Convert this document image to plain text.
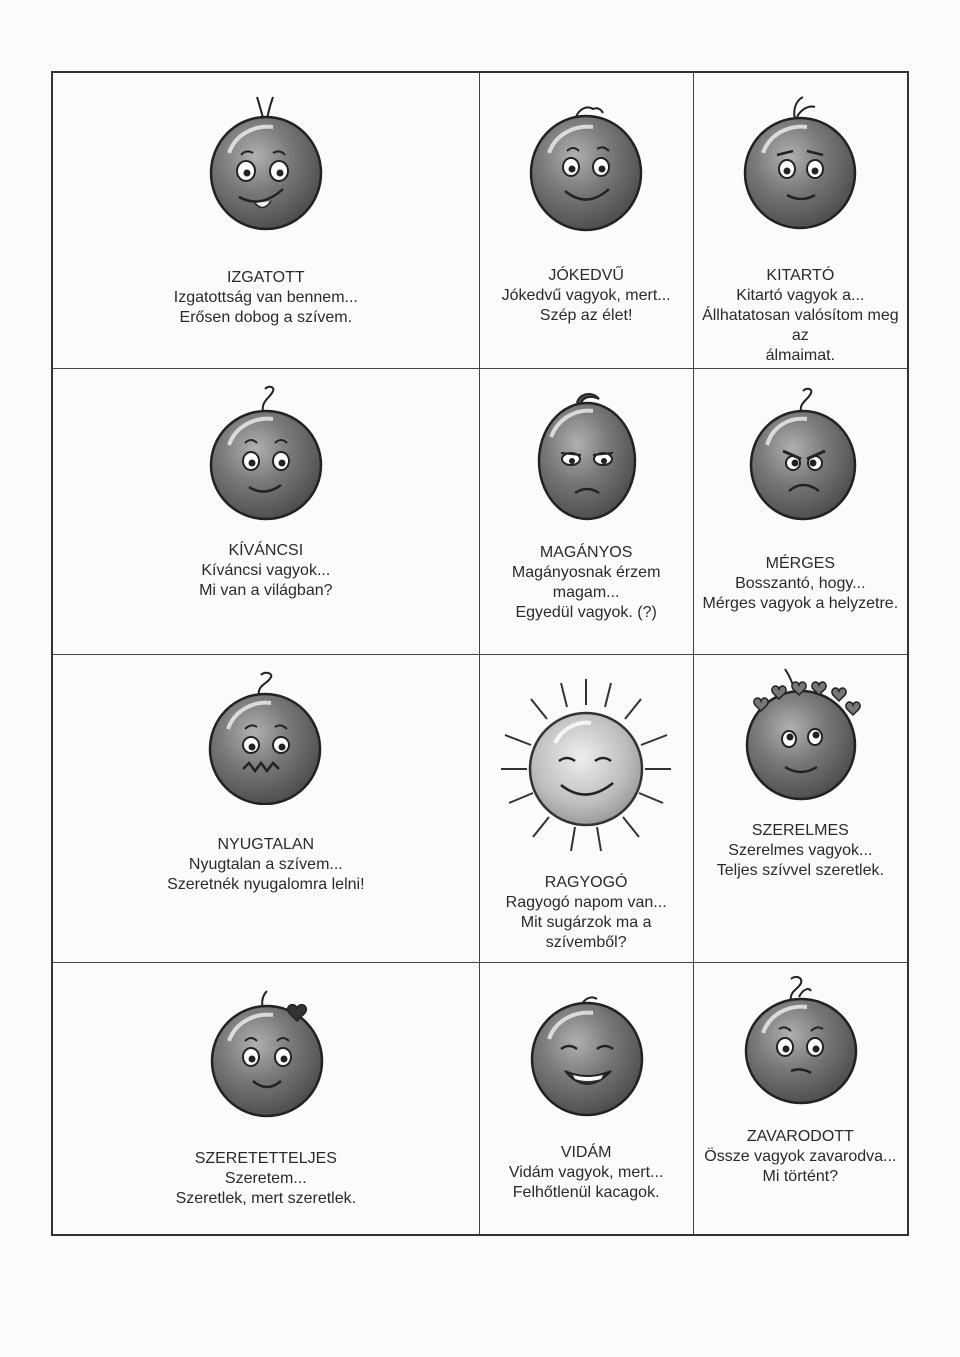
IZGATOTT
Izgatottság van bennem...
Erősen dobog a szívem.
JÓKEDVŰ
Jókedvű vagyok, mert...
Szép az élet!
KITARTÓ
Kitartó vagyok a...
Állhatatosan valósítom meg az
álmaimat.
KÍVÁNCSI
Kíváncsi vagyok...
Mi van a világban?
MAGÁNYOS
Magányosnak érzem magam...
Egyedül vagyok. (?)
MÉRGES
Bosszantó, hogy...
Mérges vagyok a helyzetre.
NYUGTALAN
Nyugtalan a szívem...
Szeretnék nyugalomra lelni!	RAGYOGÓ
Ragyogó napom van...
Mit sugárzok ma a szívemből?
SZERELMES
Szerelmes vagyok...
Teljes szívvel szeretlek.
SZERETETTELJES
Szeretem...
Szeretlek, mert szeretlek.
VIDÁM
Vidám vagyok, mert...
Felhőtlenül kacagok.
ZAVARODOTT
Össze vagyok zavarodva...
Mi történt?
